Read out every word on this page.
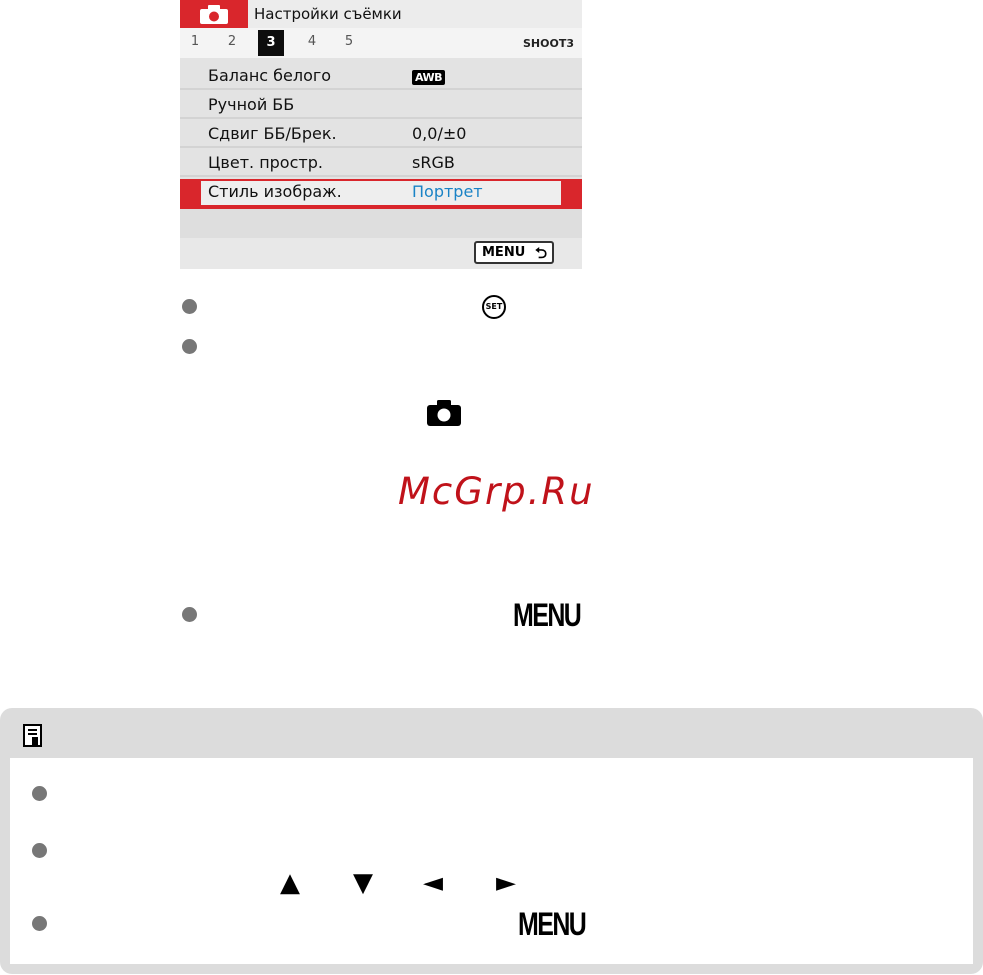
Настройки съёмки
1	2	3	4	5	SHOOT3
Баланс белого	AWB
Ручной ББ
Сдвиг ББ/Брек.	0,0/±0
Цвет. простр.	sRGB
Стиль изображ.	Портрет
MENU ⮌
SET
McGrp.Ru
MENU
▲ ▼ ◄ ►
MENU
